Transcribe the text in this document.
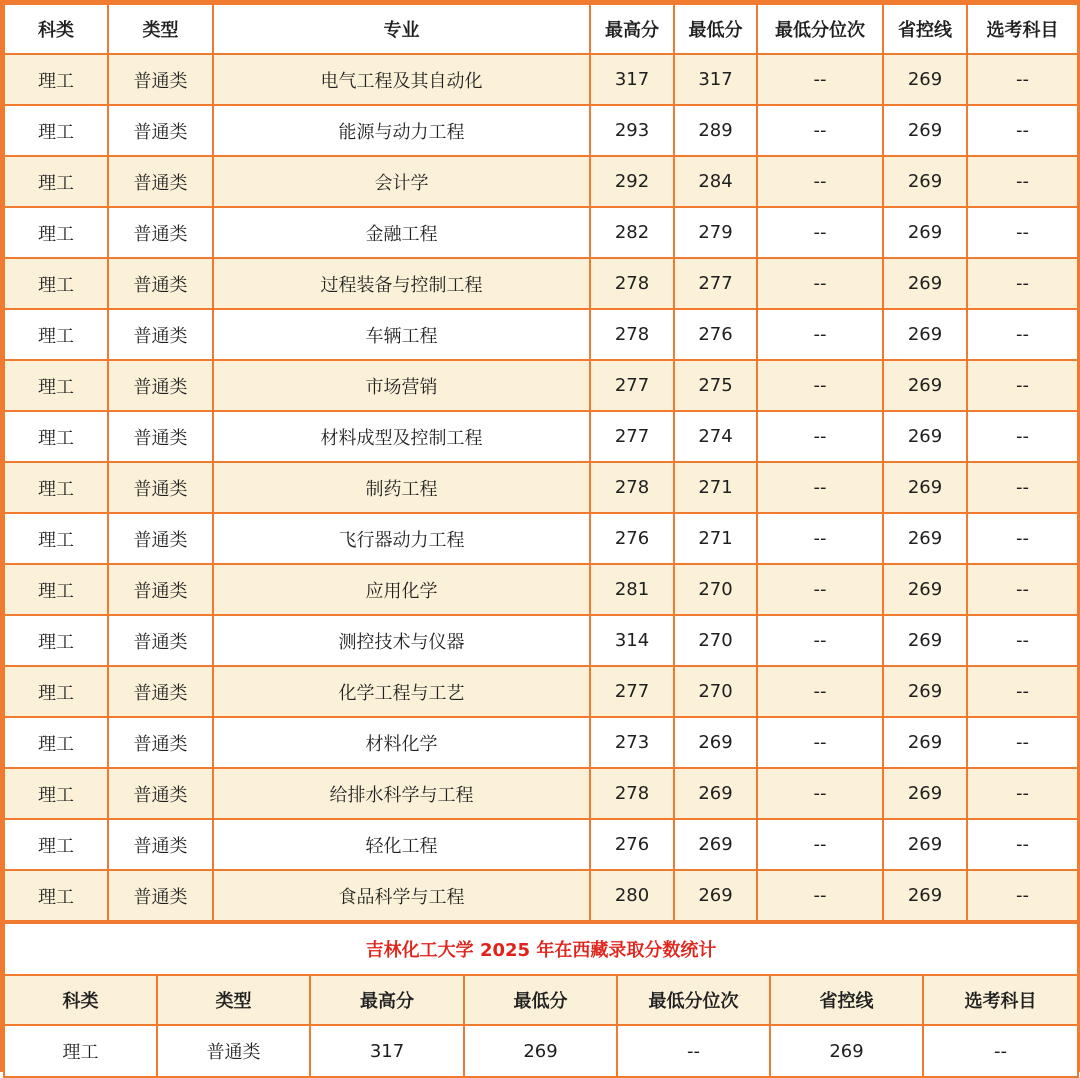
科类	类型	专业	最高分	最低分	最低分位次	省控线	选考科目
理工	普通类	电气工程及其自动化	317	317	--	269	--
理工	普通类	能源与动力工程	293	289	--	269	--
理工	普通类	会计学	292	284	--	269	--
理工	普通类	金融工程	282	279	--	269	--
理工	普通类	过程装备与控制工程	278	277	--	269	--
理工	普通类	车辆工程	278	276	--	269	--
理工	普通类	市场营销	277	275	--	269	--
理工	普通类	材料成型及控制工程	277	274	--	269	--
理工	普通类	制药工程	278	271	--	269	--
理工	普通类	飞行器动力工程	276	271	--	269	--
理工	普通类	应用化学	281	270	--	269	--
理工	普通类	测控技术与仪器	314	270	--	269	--
理工	普通类	化学工程与工艺	277	270	--	269	--
理工	普通类	材料化学	273	269	--	269	--
理工	普通类	给排水科学与工程	278	269	--	269	--
理工	普通类	轻化工程	276	269	--	269	--
理工	普通类	食品科学与工程	280	269	--	269	--
吉林化工大学 2025 年在西藏录取分数统计						
科类	类型	最高分	最低分	最低分位次	省控线	选考科目
理工	普通类	317	269	--	269	--
